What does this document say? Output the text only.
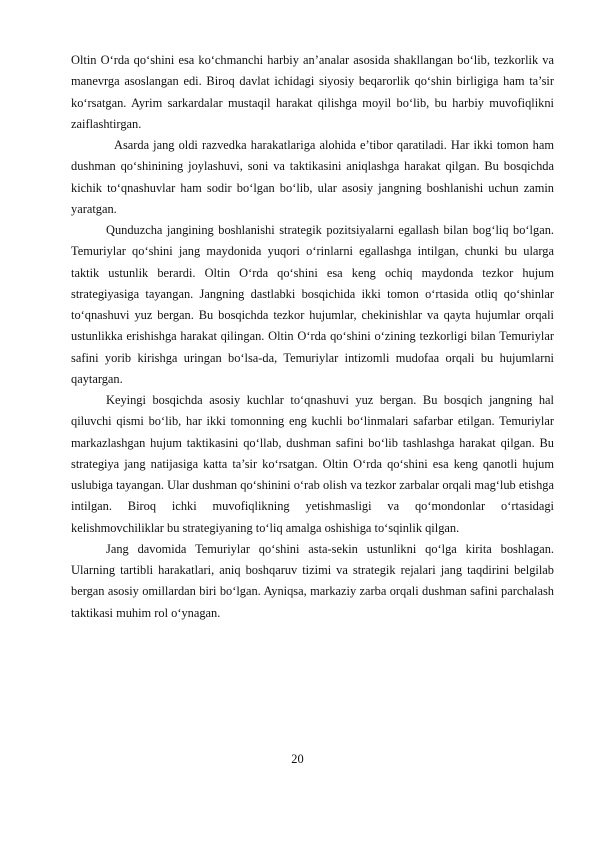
Oltin O‘rda qo‘shini esa ko‘chmanchi harbiy an’analar asosida shakllangan bo‘lib, tezkorlik va manevrga asoslangan edi. Biroq davlat ichidagi siyosiy beqarorlik qo‘shin birligiga ham ta’sir ko‘rsatgan. Ayrim sarkardalar mustaqil harakat qilishga moyil bo‘lib, bu harbiy muvofiqlikni zaiflashtirgan.

Asarda jang oldi razvedka harakatlariga alohida e’tibor qaratiladi. Har ikki tomon ham dushman qo‘shinining joylashuvi, soni va taktikasini aniqlashga harakat qilgan. Bu bosqichda kichik to‘qnashuvlar ham sodir bo‘lgan bo‘lib, ular asosiy jangning boshlanishi uchun zamin yaratgan.

Qunduzcha jangining boshlanishi strategik pozitsiyalarni egallash bilan bog‘liq bo‘lgan. Temuriylar qo‘shini jang maydonida yuqori o‘rinlarni egallashga intilgan, chunki bu ularga taktik ustunlik berardi. Oltin O‘rda qo‘shini esa keng ochiq maydonda tezkor hujum strategiyasiga tayangan. Jangning dastlabki bosqichida ikki tomon o‘rtasida otliq qo‘shinlar to‘qnashuvi yuz bergan. Bu bosqichda tezkor hujumlar, chekinishlar va qayta hujumlar orqali ustunlikka erishishga harakat qilingan. Oltin O‘rda qo‘shini o‘zining tezkorligi bilan Temuriylar safini yorib kirishga uringan bo‘lsa-da, Temuriylar intizomli mudofaa orqali bu hujumlarni qaytargan.

Keyingi bosqichda asosiy kuchlar to‘qnashuvi yuz bergan. Bu bosqich jangning hal qiluvchi qismi bo‘lib, har ikki tomonning eng kuchli bo‘linmalari safarbar etilgan. Temuriylar markazlashgan hujum taktikasini qo‘llab, dushman safini bo‘lib tashlashga harakat qilgan. Bu strategiya jang natijasiga katta ta’sir ko‘rsatgan. Oltin O‘rda qo‘shini esa keng qanotli hujum uslubiga tayangan. Ular dushman qo‘shinini o‘rab olish va tezkor zarbalar orqali mag‘lub etishga intilgan. Biroq ichki muvofiqlikning yetishmasligi va qo‘mondonlar o‘rtasidagi kelishmovchiliklar bu strategiyaning to‘liq amalga oshishiga to‘sqinlik qilgan.

Jang davomida Temuriylar qo‘shini asta-sekin ustunlikni qo‘lga kirita boshlagan. Ularning tartibli harakatlari, aniq boshqaruv tizimi va strategik rejalari jang taqdirini belgilab bergan asosiy omillardan biri bo‘lgan. Ayniqsa, markaziy zarba orqali dushman safini parchalash taktikasi muhim rol o‘ynagan.

20
